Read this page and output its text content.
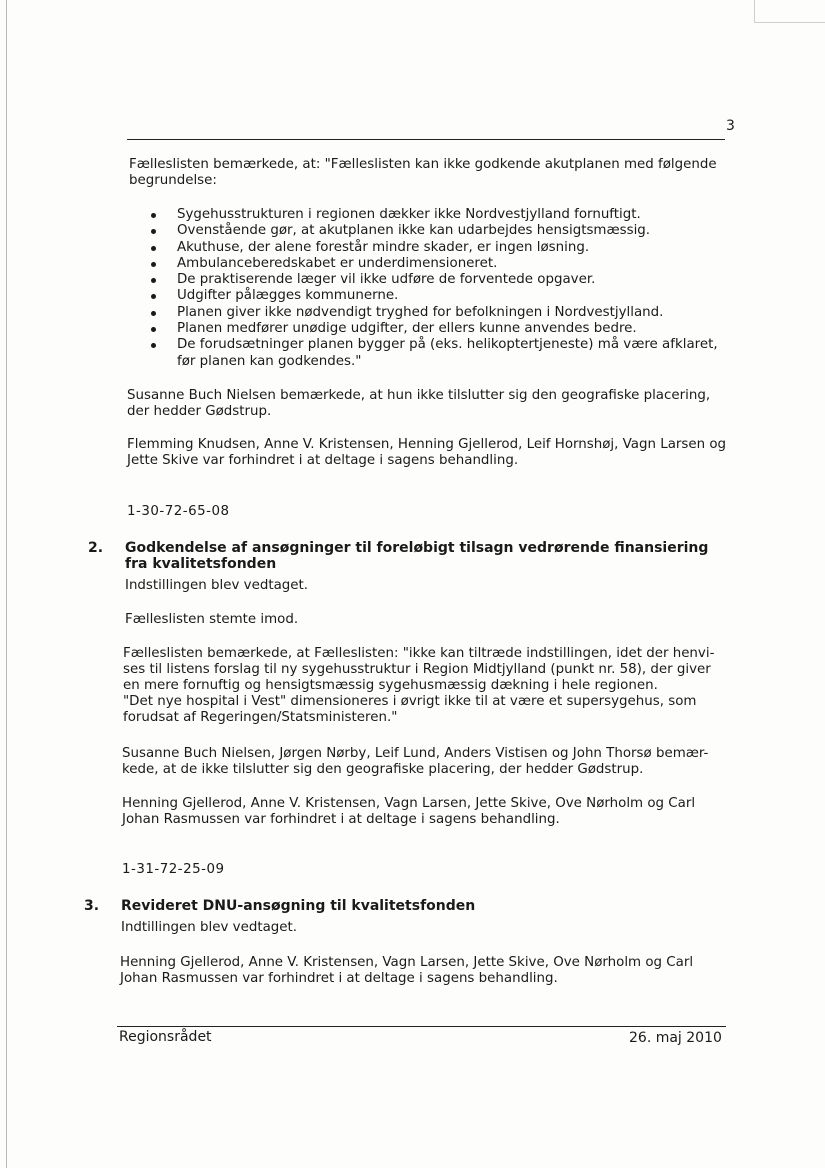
3

Fælleslisten bemærkede, at: "Fælleslisten kan ikke godkende akutplanen med følgende begrundelse:

Sygehusstrukturen i regionen dækker ikke Nordvestjylland fornuftigt.
Ovenstående gør, at akutplanen ikke kan udarbejdes hensigtsmæssig.
Akuthuse, der alene forestår mindre skader, er ingen løsning.
Ambulanceberedskabet er underdimensioneret.
De praktiserende læger vil ikke udføre de forventede opgaver.
Udgifter pålægges kommunerne.
Planen giver ikke nødvendigt tryghed for befolkningen i Nordvestjylland.
Planen medfører unødige udgifter, der ellers kunne anvendes bedre.
De forudsætninger planen bygger på (eks. helikoptertjeneste) må være afklaret, før planen kan godkendes."

Susanne Buch Nielsen bemærkede, at hun ikke tilslutter sig den geografiske placering, der hedder Gødstrup.

Flemming Knudsen, Anne V. Kristensen, Henning Gjellerod, Leif Hornshøj, Vagn Larsen og Jette Skive var forhindret i at deltage i sagens behandling.

1-30-72-65-08
2. Godkendelse af ansøgninger til foreløbigt tilsagn vedrørende finansiering fra kvalitetsfonden

Indstillingen blev vedtaget.

Fælleslisten stemte imod.

Fælleslisten bemærkede, at Fælleslisten: "ikke kan tiltræde indstillingen, idet der henvi-ses til listens forslag til ny sygehusstruktur i Region Midtjylland (punkt nr. 58), der giver en mere fornuftig og hensigtsmæssig sygehusmæssig dækning i hele regionen.

"Det nye hospital i Vest" dimensioneres i øvrigt ikke til at være et supersygehus, som forudsat af Regeringen/Statsministeren."

Susanne Buch Nielsen, Jørgen Nørby, Leif Lund, Anders Vistisen og John Thorsø bemær-kede, at de ikke tilslutter sig den geografiske placering, der hedder Gødstrup.

Henning Gjellerod, Anne V. Kristensen, Vagn Larsen, Jette Skive, Ove Nørholm og Carl Johan Rasmussen var forhindret i at deltage i sagens behandling.

1-31-72-25-09
3. Revideret DNU-ansøgning til kvalitetsfonden

Indtillingen blev vedtaget.

Henning Gjellerod, Anne V. Kristensen, Vagn Larsen, Jette Skive, Ove Nørholm og Carl Johan Rasmussen var forhindret i at deltage i sagens behandling.

Regionsrådet	26. maj 2010
